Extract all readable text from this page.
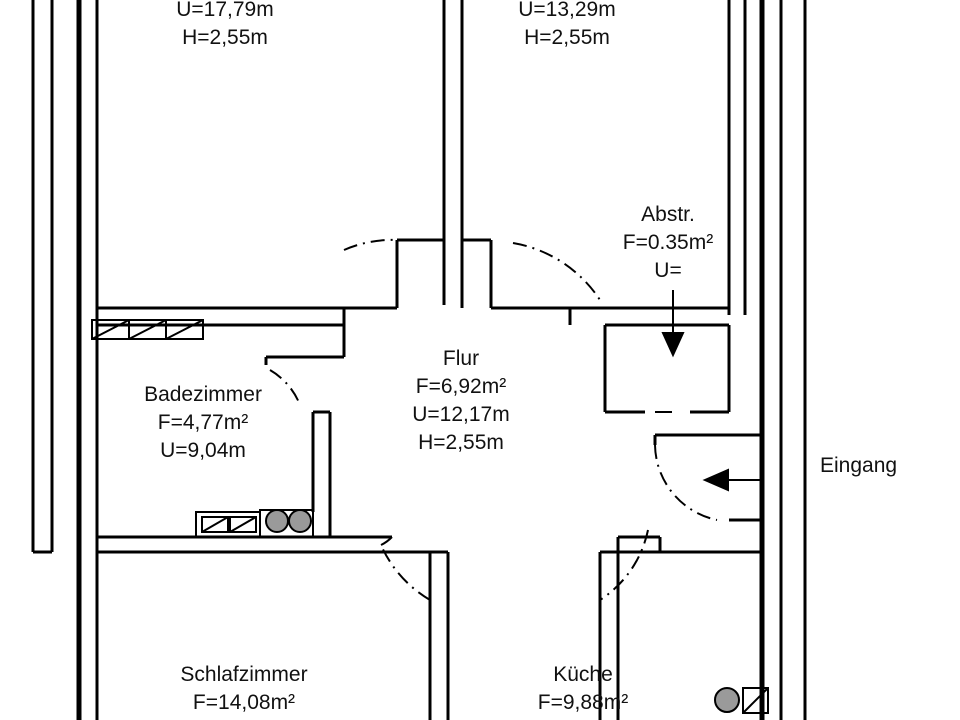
U=17,79m
H=2,55m
U=13,29m
H=2,55m
Abstr.
F=0.35m²
U=
Flur
F=6,92m²
U=12,17m
H=2,55m
Badezimmer
F=4,77m²
U=9,04m
Schlafzimmer
F=14,08m²
Küche
F=9,88m²
Eingang
